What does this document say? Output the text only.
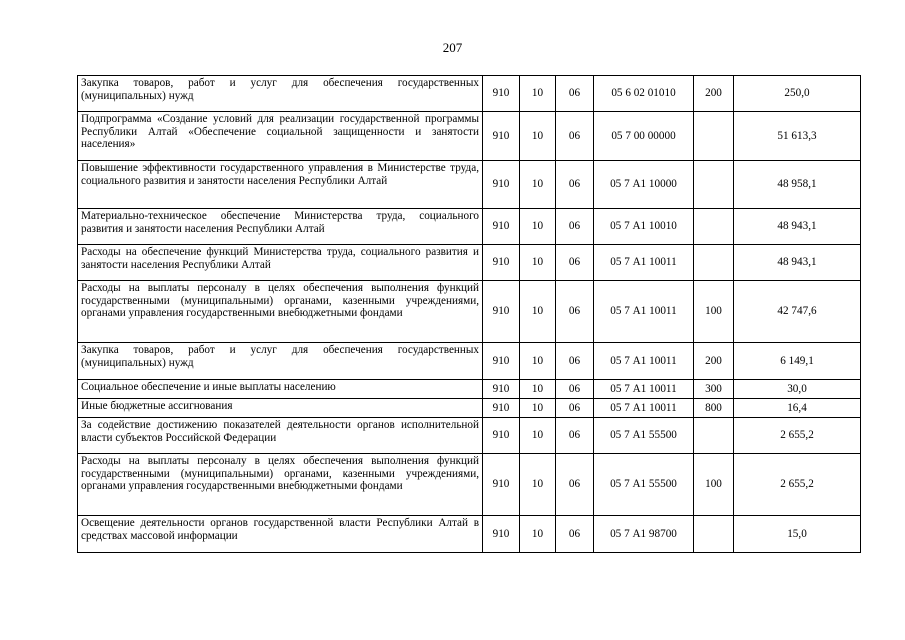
207
Закупка товаров, работ и услуг для обеспечения государственных (муниципальных) нужд	910	10	06	05 6 02 01010	200	250,0
Подпрограмма «Создание условий для реализации государственной программы Республики Алтай «Обеспечение социальной защищенности и занятости населения»	910	10	06	05 7 00 00000		51 613,3
Повышение эффективности государственного управления в Министерстве труда, социального развития и занятости населения Республики Алтай	910	10	06	05 7 А1 10000		48 958,1
Материально-техническое обеспечение Министерства труда, социального развития и занятости населения Республики Алтай	910	10	06	05 7 А1 10010		48 943,1
Расходы на обеспечение функций Министерства труда, социального развития и занятости населения Республики Алтай	910	10	06	05 7 А1 10011		48 943,1
Расходы на выплаты персоналу в целях обеспечения выполнения функций государственными (муниципальными) органами, казенными учреждениями, органами управления государственными внебюджетными фондами	910	10	06	05 7 А1 10011	100	42 747,6
Закупка товаров, работ и услуг для обеспечения государственных (муниципальных) нужд	910	10	06	05 7 А1 10011	200	6 149,1
Социальное обеспечение и иные выплаты населению	910	10	06	05 7 А1 10011	300	30,0
Иные бюджетные ассигнования	910	10	06	05 7 А1 10011	800	16,4
За содействие достижению показателей деятельности органов исполнительной власти субъектов Российской Федерации	910	10	06	05 7 А1 55500		2 655,2
Расходы на выплаты персоналу в целях обеспечения выполнения функций государственными (муниципальными) органами, казенными учреждениями, органами управления государственными внебюджетными фондами	910	10	06	05 7 А1 55500	100	2 655,2
Освещение деятельности органов государственной власти Республики Алтай в средствах массовой информации	910	10	06	05 7 А1 98700		15,0
